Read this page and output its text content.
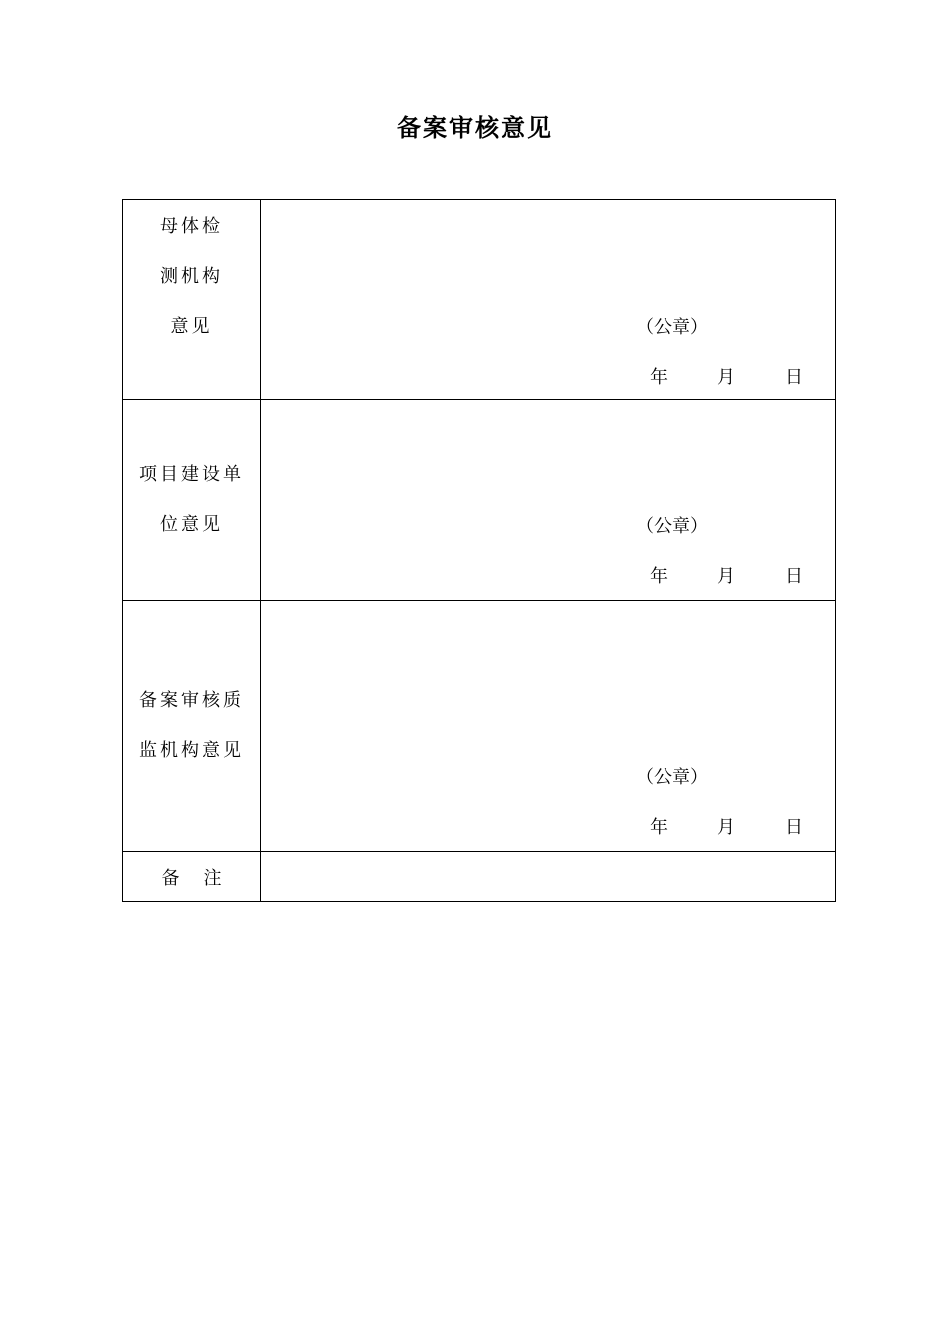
备案审核意见
母体检
测机构
意见	（公章）
年 月 日

项目建设单
位意见	（公章）
年 月 日

备案审核质
监机构意见	（公章）
年 月 日

备注	
